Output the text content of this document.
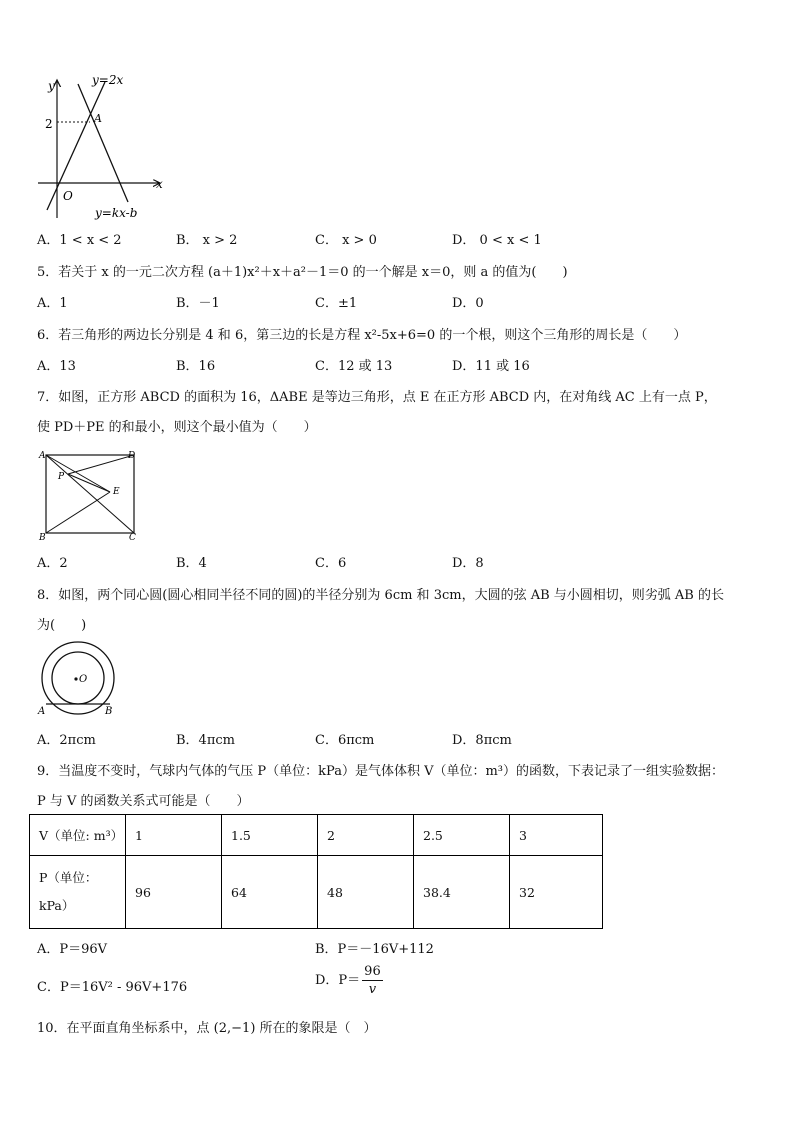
y
x
O
A
2
y=2x
y=kx-b
A．1 < x < 2	B． x > 2	C． x > 0	D． 0 < x < 1
5．若关于 x 的一元二次方程 (a＋1)x²＋x＋a²－1＝0 的一个解是 x＝0，则 a 的值为(　　)
A．1	B．－1	C．±1	D．0
6．若三角形的两边长分别是 4 和 6，第三边的长是方程 x²-5x+6=0 的一个根，则这个三角形的周长是（　　）
A．13	B．16	C．12 或 13	D．11 或 16
7．如图，正方形 ABCD 的面积为 16，ΔABE 是等边三角形，点 E 在正方形 ABCD 内，在对角线 AC 上有一点 P，
使 PD＋PE 的和最小，则这个最小值为（　　）
A	D
B	C
E
P
A．2	B．4	C．6	D．8
8．如图，两个同心圆(圆心相同半径不同的圆)的半径分别为 6cm 和 3cm，大圆的弦 AB 与小圆相切，则劣弧 AB 的长
为(　　)
O
A	B
A．2πcm	B．4πcm	C．6πcm	D．8πcm
9．当温度不变时，气球内气体的气压 P（单位：kPa）是气体体积 V（单位：m³）的函数，下表记录了一组实验数据：
P 与 V 的函数关系式可能是（　　）
V（单位: m³）	1	1.5	2	2.5	3
P（单位：
kPa）	96	64	48	38.4	32
A．P＝96V	B．P＝－16V+112
C．P＝16V² - 96V+176	D．$P= \frac{96}{v}$
10．在平面直角坐标系中，点 (2,−1) 所在的象限是（　）
